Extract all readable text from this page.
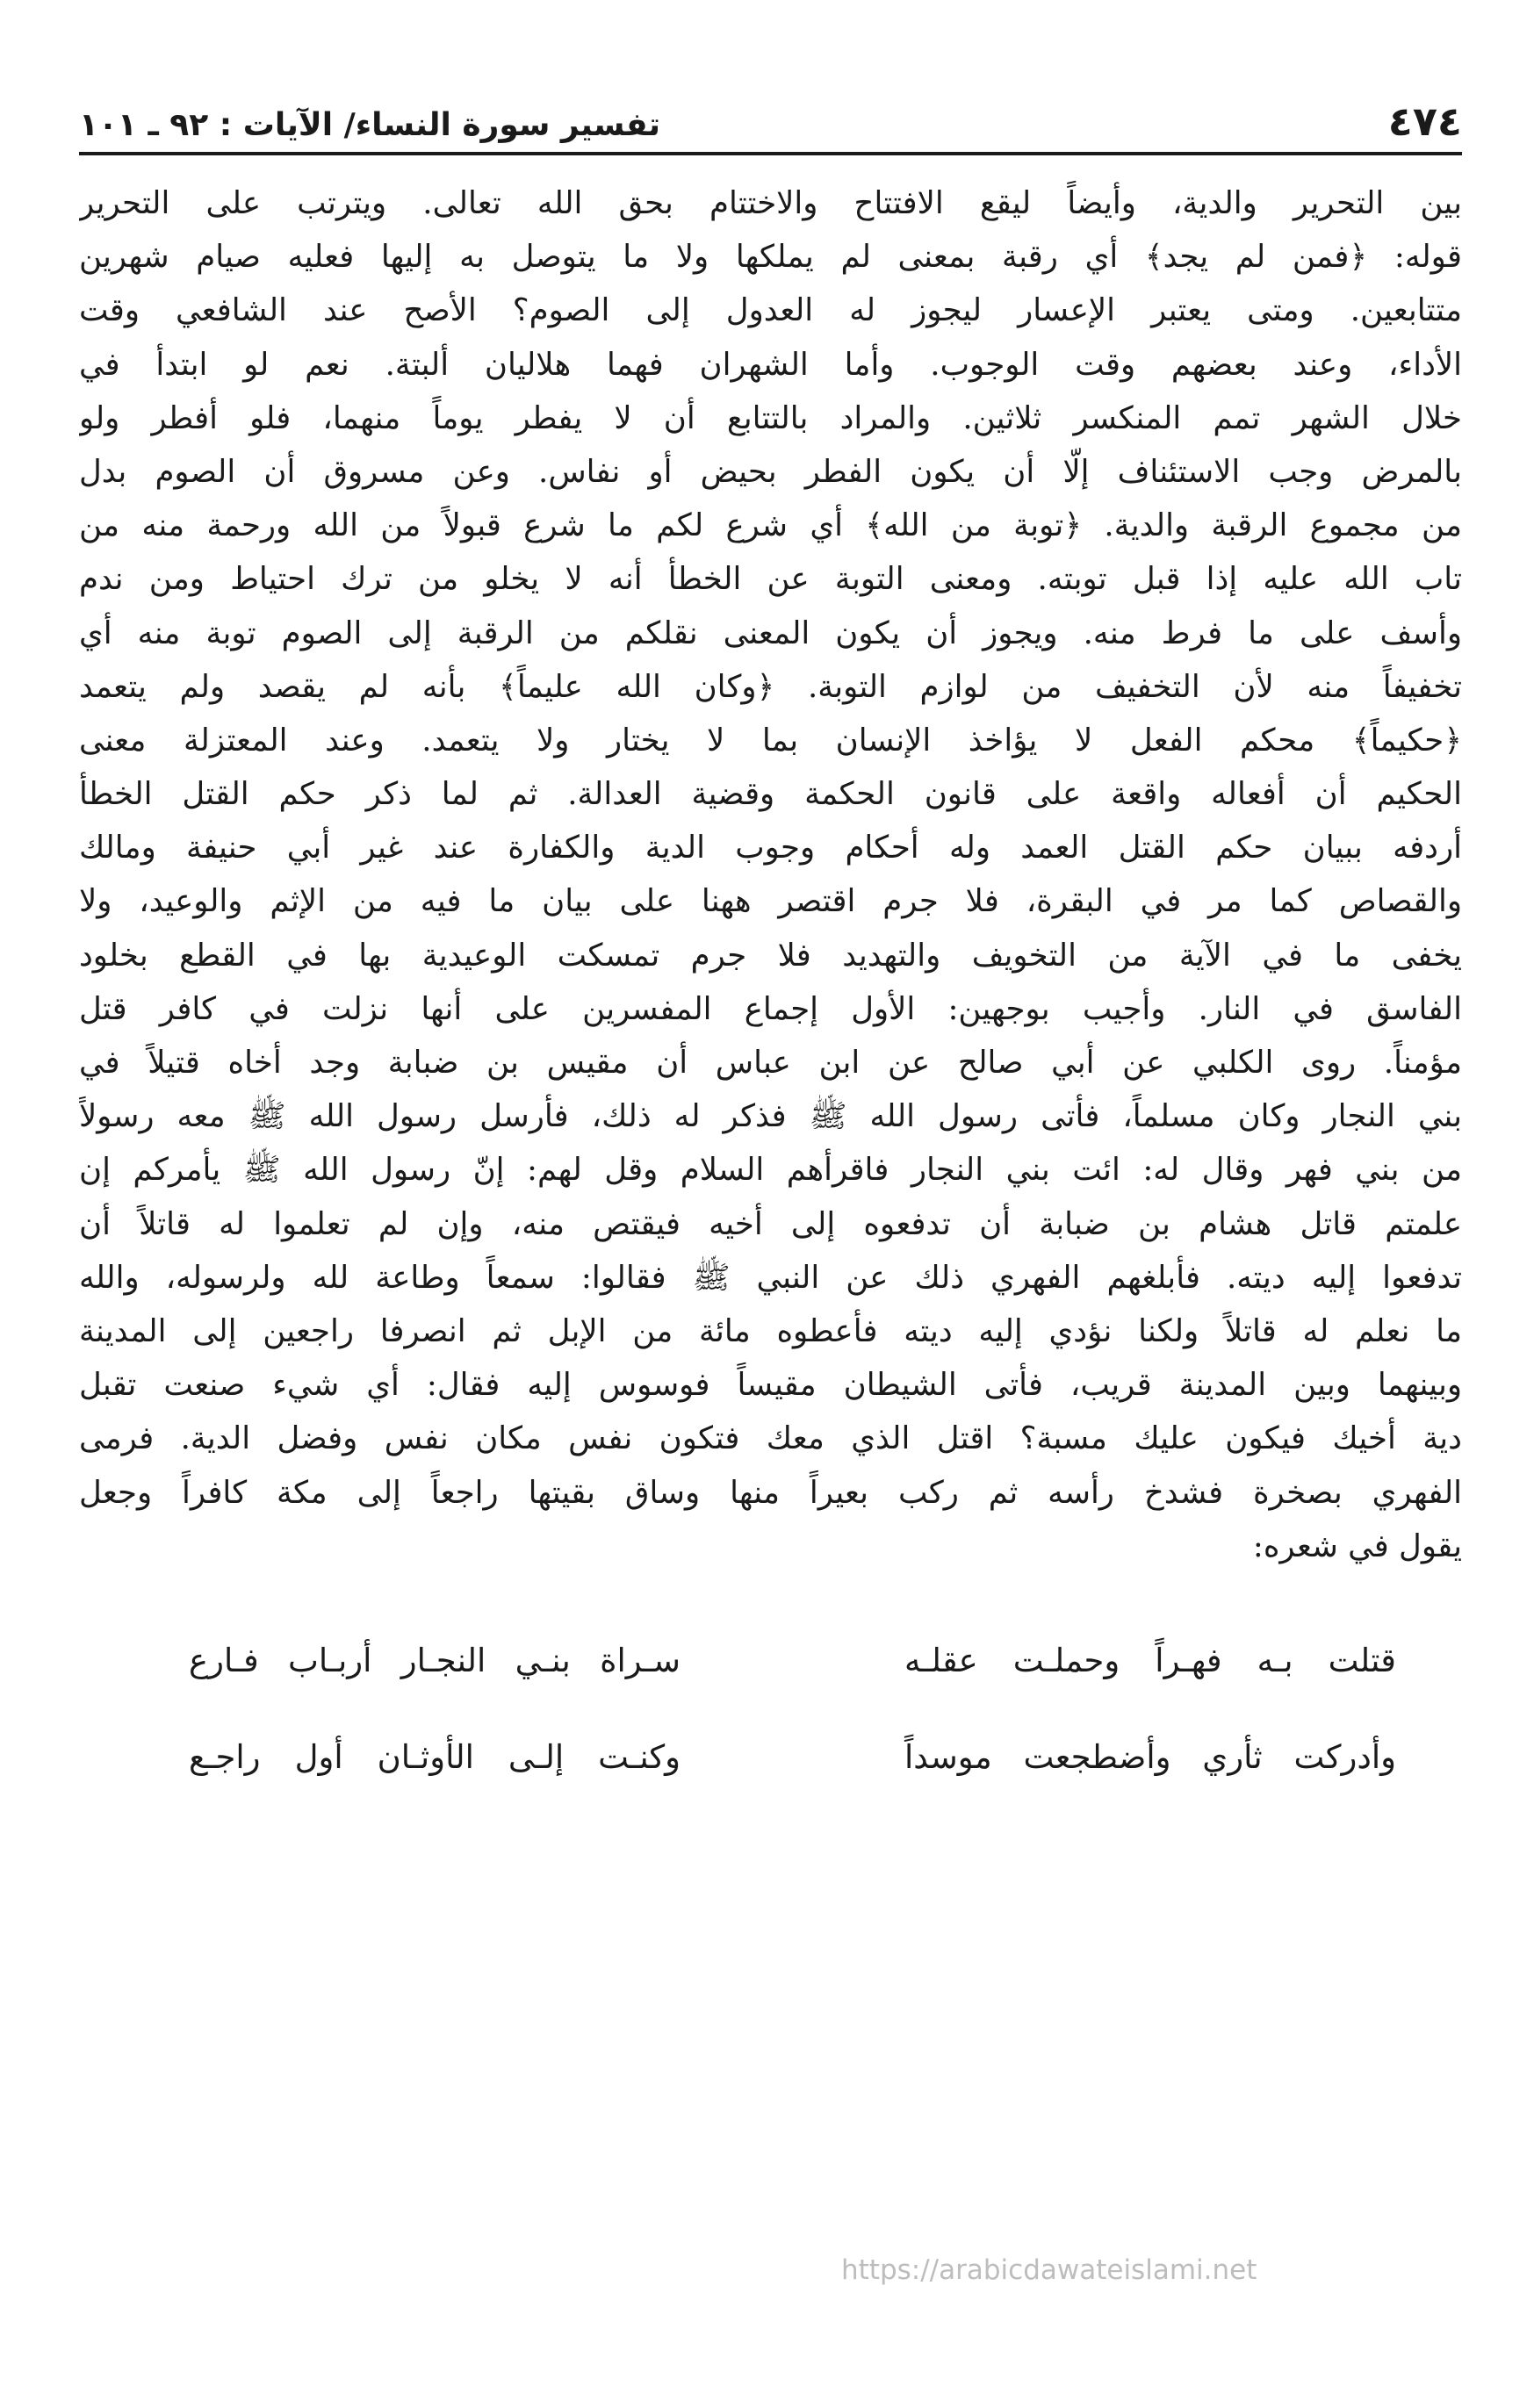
٤٧٤
تفسير سورة النساء/ الآيات : ٩٢ ـ ١٠١
بين التحرير والدية، وأيضاً ليقع الافتتاح والاختتام بحق الله تعالى. ويترتب على التحرير
قوله: ﴿فمن لم يجد﴾ أي رقبة بمعنى لم يملكها ولا ما يتوصل به إليها فعليه صيام شهرين
متتابعين. ومتى يعتبر الإعسار ليجوز له العدول إلى الصوم؟ الأصح عند الشافعي وقت
الأداء، وعند بعضهم وقت الوجوب. وأما الشهران فهما هلاليان ألبتة. نعم لو ابتدأ في
خلال الشهر تمم المنكسر ثلاثين. والمراد بالتتابع أن لا يفطر يوماً منهما، فلو أفطر ولو
بالمرض وجب الاستئناف إلّا أن يكون الفطر بحيض أو نفاس. وعن مسروق أن الصوم بدل
من مجموع الرقبة والدية. ﴿توبة من الله﴾ أي شرع لكم ما شرع قبولاً من الله ورحمة منه من
تاب الله عليه إذا قبل توبته. ومعنى التوبة عن الخطأ أنه لا يخلو من ترك احتياط ومن ندم
وأسف على ما فرط منه. ويجوز أن يكون المعنى نقلكم من الرقبة إلى الصوم توبة منه أي
تخفيفاً منه لأن التخفيف من لوازم التوبة. ﴿وكان الله عليماً﴾ بأنه لم يقصد ولم يتعمد
﴿حكيماً﴾ محكم الفعل لا يؤاخذ الإنسان بما لا يختار ولا يتعمد. وعند المعتزلة معنى
الحكيم أن أفعاله واقعة على قانون الحكمة وقضية العدالة. ثم لما ذكر حكم القتل الخطأ
أردفه ببيان حكم القتل العمد وله أحكام وجوب الدية والكفارة عند غير أبي حنيفة ومالك
والقصاص كما مر في البقرة، فلا جرم اقتصر ههنا على بيان ما فيه من الإثم والوعيد، ولا
يخفى ما في الآية من التخويف والتهديد فلا جرم تمسكت الوعيدية بها في القطع بخلود
الفاسق في النار. وأجيب بوجهين: الأول إجماع المفسرين على أنها نزلت في كافر قتل
مؤمناً. روى الكلبي عن أبي صالح عن ابن عباس أن مقيس بن ضبابة وجد أخاه قتيلاً في
بني النجار وكان مسلماً، فأتى رسول الله ﷺ فذكر له ذلك، فأرسل رسول الله ﷺ معه رسولاً
من بني فهر وقال له: ائت بني النجار فاقرأهم السلام وقل لهم: إنّ رسول الله ﷺ يأمركم إن
علمتم قاتل هشام بن ضبابة أن تدفعوه إلى أخيه فيقتص منه، وإن لم تعلموا له قاتلاً أن
تدفعوا إليه ديته. فأبلغهم الفهري ذلك عن النبي ﷺ فقالوا: سمعاً وطاعة لله ولرسوله، والله
ما نعلم له قاتلاً ولكنا نؤدي إليه ديته فأعطوه مائة من الإبل ثم انصرفا راجعين إلى المدينة
وبينهما وبين المدينة قريب، فأتى الشيطان مقيساً فوسوس إليه فقال: أي شيء صنعت تقبل
دية أخيك فيكون عليك مسبة؟ اقتل الذي معك فتكون نفس مكان نفس وفضل الدية. فرمى
الفهري بصخرة فشدخ رأسه ثم ركب بعيراً منها وساق بقيتها راجعاً إلى مكة كافراً وجعل
يقول في شعره:
قتلت بـه فهـراً وحملـت عقلـه
سـراة بنـي النجـار أربـاب فـارع
وأدركت ثأري وأضطجعت موسداً
وكنـت إلـى الأوثـان أول راجـع
https://arabicdawateislami.net
